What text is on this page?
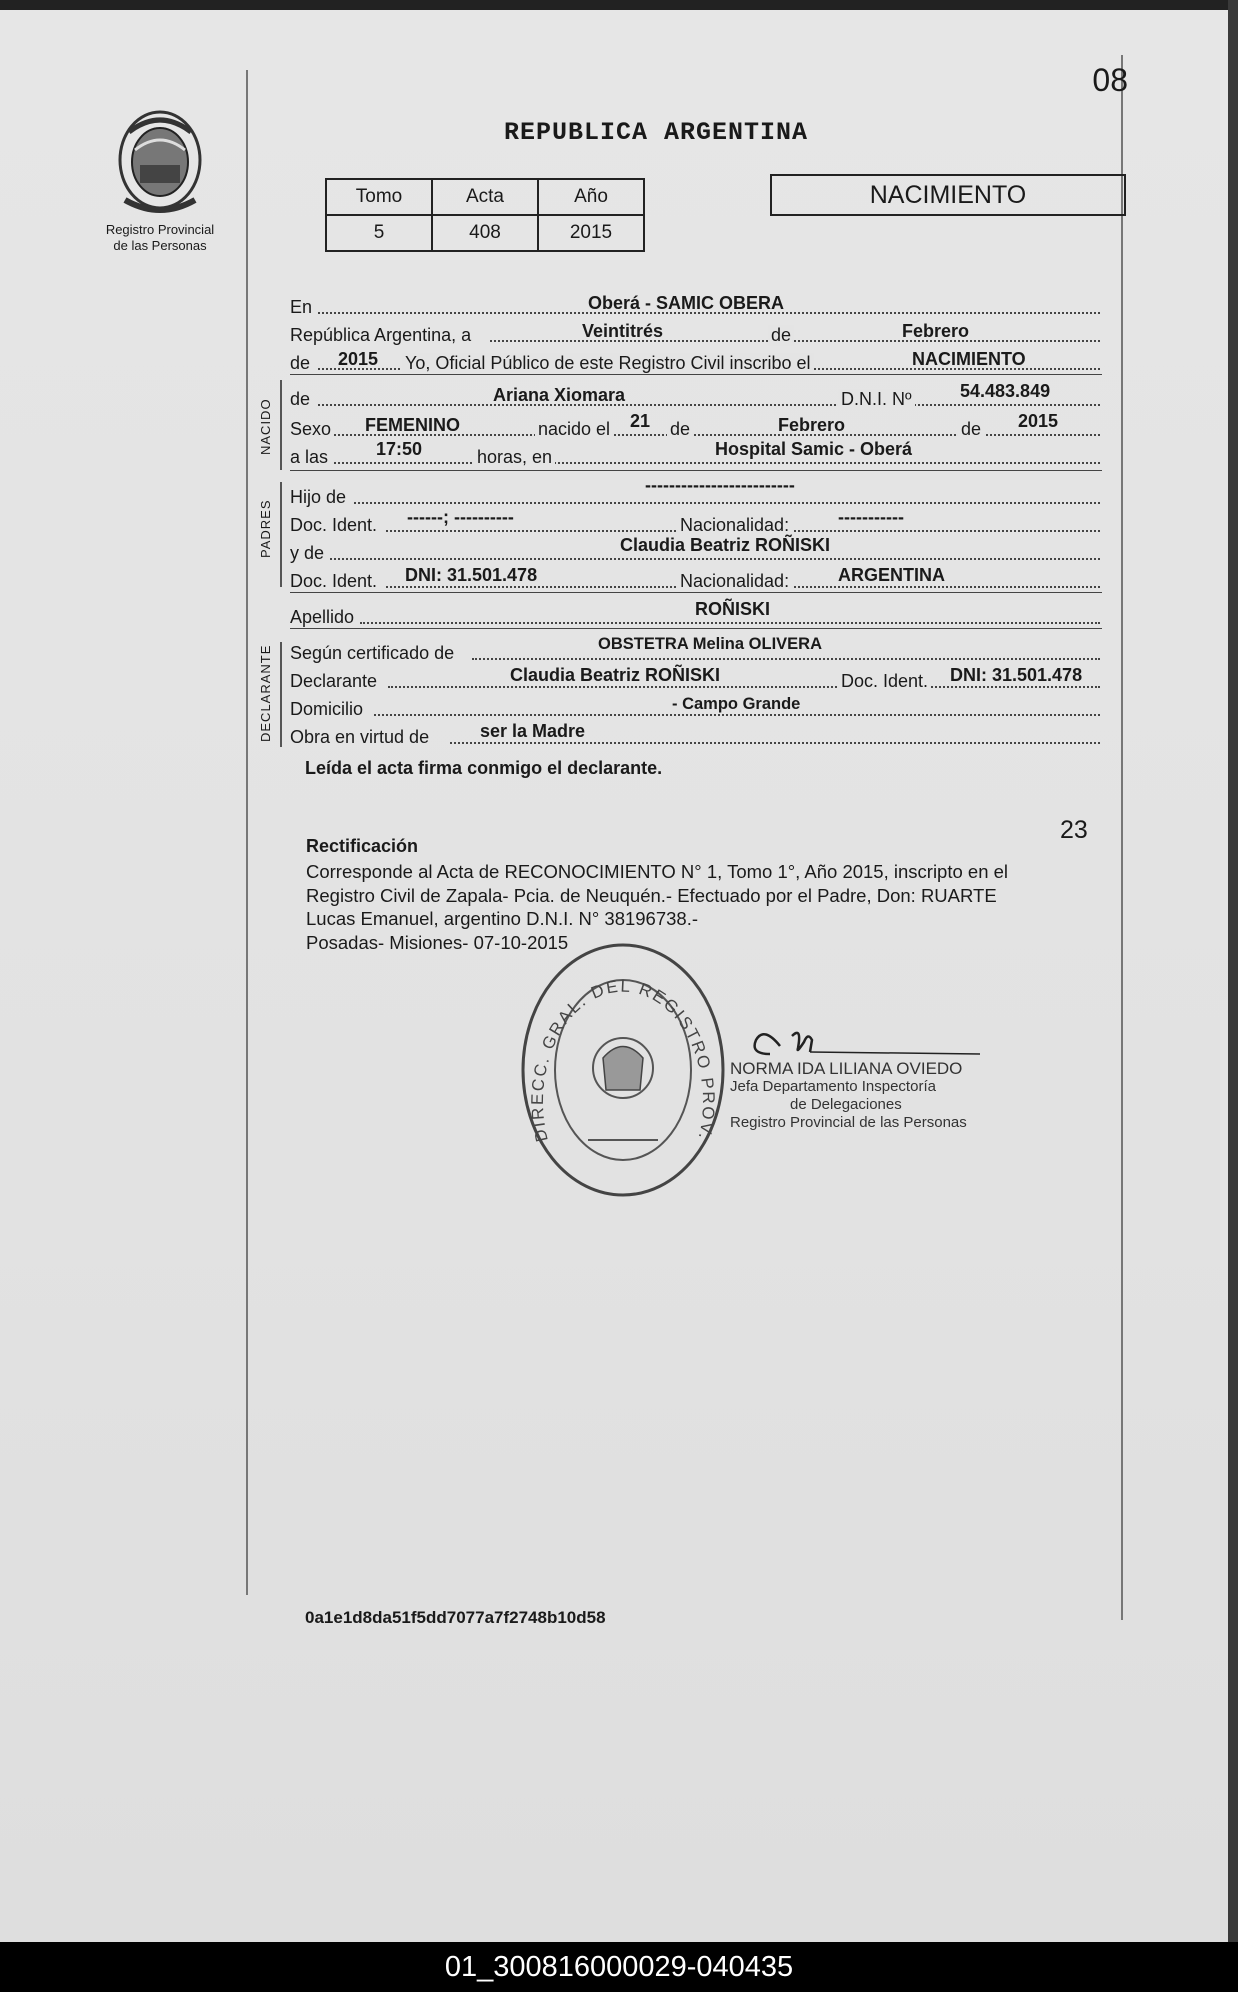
Registro Provincial
de las Personas
08
REPUBLICA ARGENTINA
Tomo	Acta	Año
5	408	2015
NACIMIENTO
En	Oberá - SAMIC OBERA
República Argentina, a	Veintitrés	de	Febrero
de 2015 Yo, Oficial Público de este Registro Civil inscribo el	NACIMIENTO
NACIDO de	Ariana Xiomara	D.N.I. Nº	54.483.849
Sexo FEMENINO	nacido el 21 de	Febrero	de 2015
a las	17:50	horas, en	Hospital Samic - Oberá
PADRES
Hijo de
-------------------------
Doc. Ident. ------; ----------	Nacionalidad:	-----------
y de	Claudia Beatriz ROÑISKI
Doc. Ident. DNI: 31.501.478	Nacionalidad:	ARGENTINA
Apellido	ROÑISKI
DECLARANTE Según certificado de	OBSTETRA Melina OLIVERA
Declarante	Claudia Beatriz ROÑISKI	Doc. Ident. DNI: 31.501.478
Domicilio	- Campo Grande
Obra en virtud de	ser la Madre
Leída el acta firma conmigo el declarante.
23
Rectificación
Corresponde al Acta de RECONOCIMIENTO N° 1, Tomo 1°, Año 2015, inscripto en el
Registro Civil de Zapala- Pcia. de Neuquén.- Efectuado por el Padre, Don: RUARTE
Lucas Emanuel, argentino D.N.I. N° 38196738.-
Posadas- Misiones- 07-10-2015
DIRECC. GRAL. DEL REGISTRO PROV.
NORMA IDA LILIANA OVIEDO
Jefa Departamento Inspectoría
de Delegaciones
Registro Provincial de las Personas
0a1e1d8da51f5dd7077a7f2748b10d58
01_300816000029-040435
